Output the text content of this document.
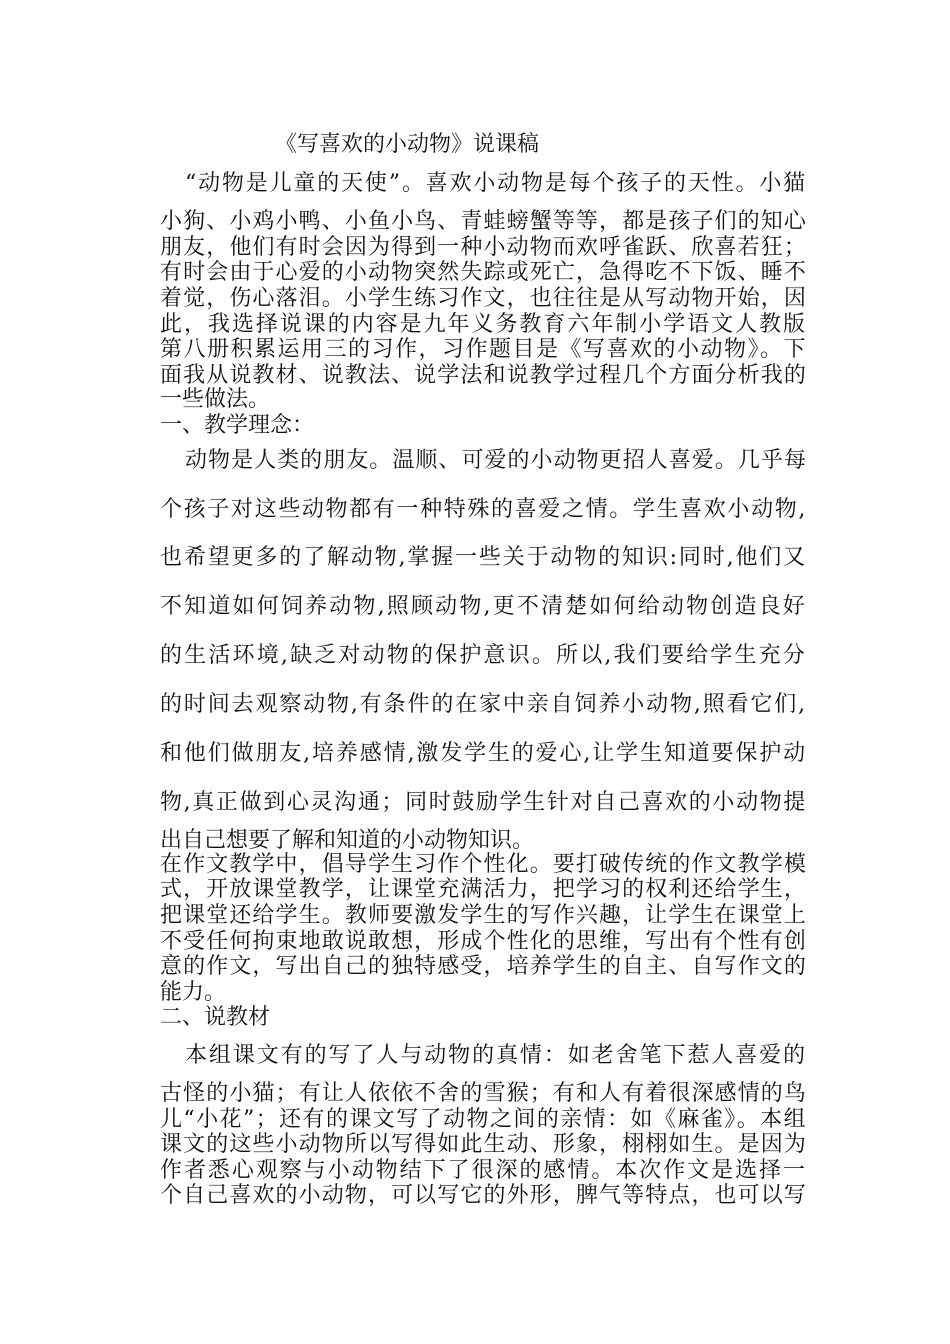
《写喜欢的小动物》说课稿
“动物是儿童的天使”。喜欢小动物是每个孩子的天性。小猫
小狗、小鸡小鸭、小鱼小鸟、青蛙螃蟹等等，都是孩子们的知心
朋友，他们有时会因为得到一种小动物而欢呼雀跃、欣喜若狂；
有时会由于心爱的小动物突然失踪或死亡，急得吃不下饭、睡不
着觉，伤心落泪。小学生练习作文，也往往是从写动物开始，因
此，我选择说课的内容是九年义务教育六年制小学语文人教版
第八册积累运用三的习作，习作题目是《写喜欢的小动物》。下
面我从说教材、说教法、说学法和说教学过程几个方面分析我的
一些做法。
一、教学理念：
动物是人类的朋友。温顺、可爱的小动物更招人喜爱。几乎每
个孩子对这些动物都有一种特殊的喜爱之情。学生喜欢小动物,
也希望更多的了解动物,掌握一些关于动物的知识:同时,他们又
不知道如何饲养动物,照顾动物,更不清楚如何给动物创造良好
的生活环境,缺乏对动物的保护意识。所以,我们要给学生充分
的时间去观察动物,有条件的在家中亲自饲养小动物,照看它们,
和他们做朋友,培养感情,激发学生的爱心,让学生知道要保护动
物,真正做到心灵沟通；同时鼓励学生针对自己喜欢的小动物提
出自己想要了解和知道的小动物知识。
在作文教学中，倡导学生习作个性化。要打破传统的作文教学模
式，开放课堂教学，让课堂充满活力，把学习的权利还给学生，
把课堂还给学生。教师要激发学生的写作兴趣，让学生在课堂上
不受任何拘束地敢说敢想，形成个性化的思维，写出有个性有创
意的作文，写出自己的独特感受，培养学生的自主、自写作文的
能力。
二、说教材
本组课文有的写了人与动物的真情：如老舍笔下惹人喜爱的
古怪的小猫；有让人依依不舍的雪猴；有和人有着很深感情的鸟
儿“小花”；还有的课文写了动物之间的亲情：如《麻雀》。本组
课文的这些小动物所以写得如此生动、形象，栩栩如生。是因为
作者悉心观察与小动物结下了很深的感情。本次作文是选择一
个自己喜欢的小动物，可以写它的外形，脾气等特点，也可以写
